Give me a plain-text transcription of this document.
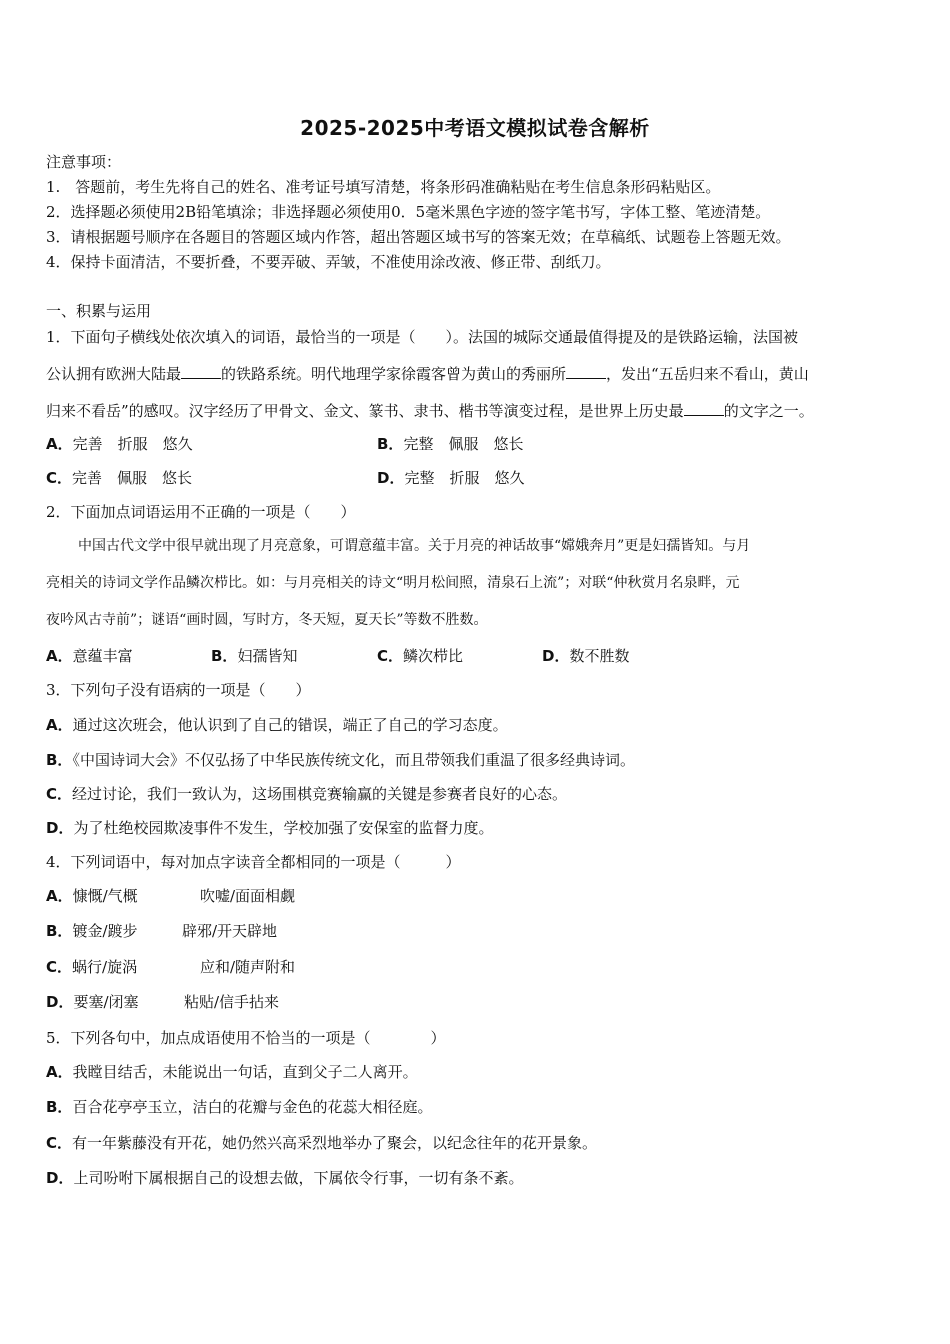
2025-2025中考语文模拟试卷含解析
注意事项：
1.　答题前，考生先将自己的姓名、准考证号填写清楚，将条形码准确粘贴在考生信息条形码粘贴区。
2．选择题必须使用2B铅笔填涂；非选择题必须使用0．5毫米黑色字迹的签字笔书写，字体工整、笔迹清楚。
3．请根据题号顺序在各题目的答题区域内作答，超出答题区域书写的答案无效；在草稿纸、试题卷上答题无效。
4．保持卡面清洁，不要折叠，不要弄破、弄皱，不准使用涂改液、修正带、刮纸刀。
一、积累与运用
1．下面句子横线处依次填入的词语，最恰当的一项是（　　）。法国的城际交通最值得提及的是铁路运输，法国被
公认拥有欧洲大陆最	的铁路系统。明代地理学家徐霞客曾为黄山的秀丽所	，发出“五岳归来不看山，黄山
归来不看岳”的感叹。汉字经历了甲骨文、金文、篆书、隶书、楷书等演变过程，是世界上历史最	的文字之一。
A．完善　折服　悠久	B．完整　佩服　悠长
C．完善　佩服　悠长	D．完整　折服　悠久
2．下面加点词语运用不正确的一项是（　　）
中国古代文学中很早就出现了月亮意象，可谓意蕴丰富。关于月亮的神话故事“嫦娥奔月”更是妇孺皆知。与月
亮相关的诗词文学作品鳞次栉比。如：与月亮相关的诗文“明月松间照，清泉石上流”；对联“仲秋赏月名泉畔，元
夜吟风古寺前”；谜语“画时圆，写时方，冬天短，夏天长”等数不胜数。
A．意蕴丰富	B．妇孺皆知	C．鳞次栉比	D．数不胜数
3．下列句子没有语病的一项是（　　）
A．通过这次班会，他认识到了自己的错误，端正了自己的学习态度。
B．《中国诗词大会》不仅弘扬了中华民族传统文化，而且带领我们重温了很多经典诗词。
C．经过讨论，我们一致认为，这场围棋竞赛输赢的关键是参赛者良好的心态。
D．为了杜绝校园欺凌事件不发生，学校加强了安保室的监督力度。
4．下列词语中，每对加点字读音全都相同的一项是（　　　）
A．慷慨/气概	吹嘘/面面相觑
B．镀金/踱步	辟邪/开天辟地
C．蜗行/旋涡	应和/随声附和
D．要塞/闭塞	粘贴/信手拈来
5．下列各句中，加点成语使用不恰当的一项是（　　　　）
A．我瞠目结舌，未能说出一句话，直到父子二人离开。
B．百合花亭亭玉立，洁白的花瓣与金色的花蕊大相径庭。
C．有一年紫藤没有开花，她仍然兴高采烈地举办了聚会，以纪念往年的花开景象。
D．上司吩咐下属根据自己的设想去做，下属依令行事，一切有条不紊。
